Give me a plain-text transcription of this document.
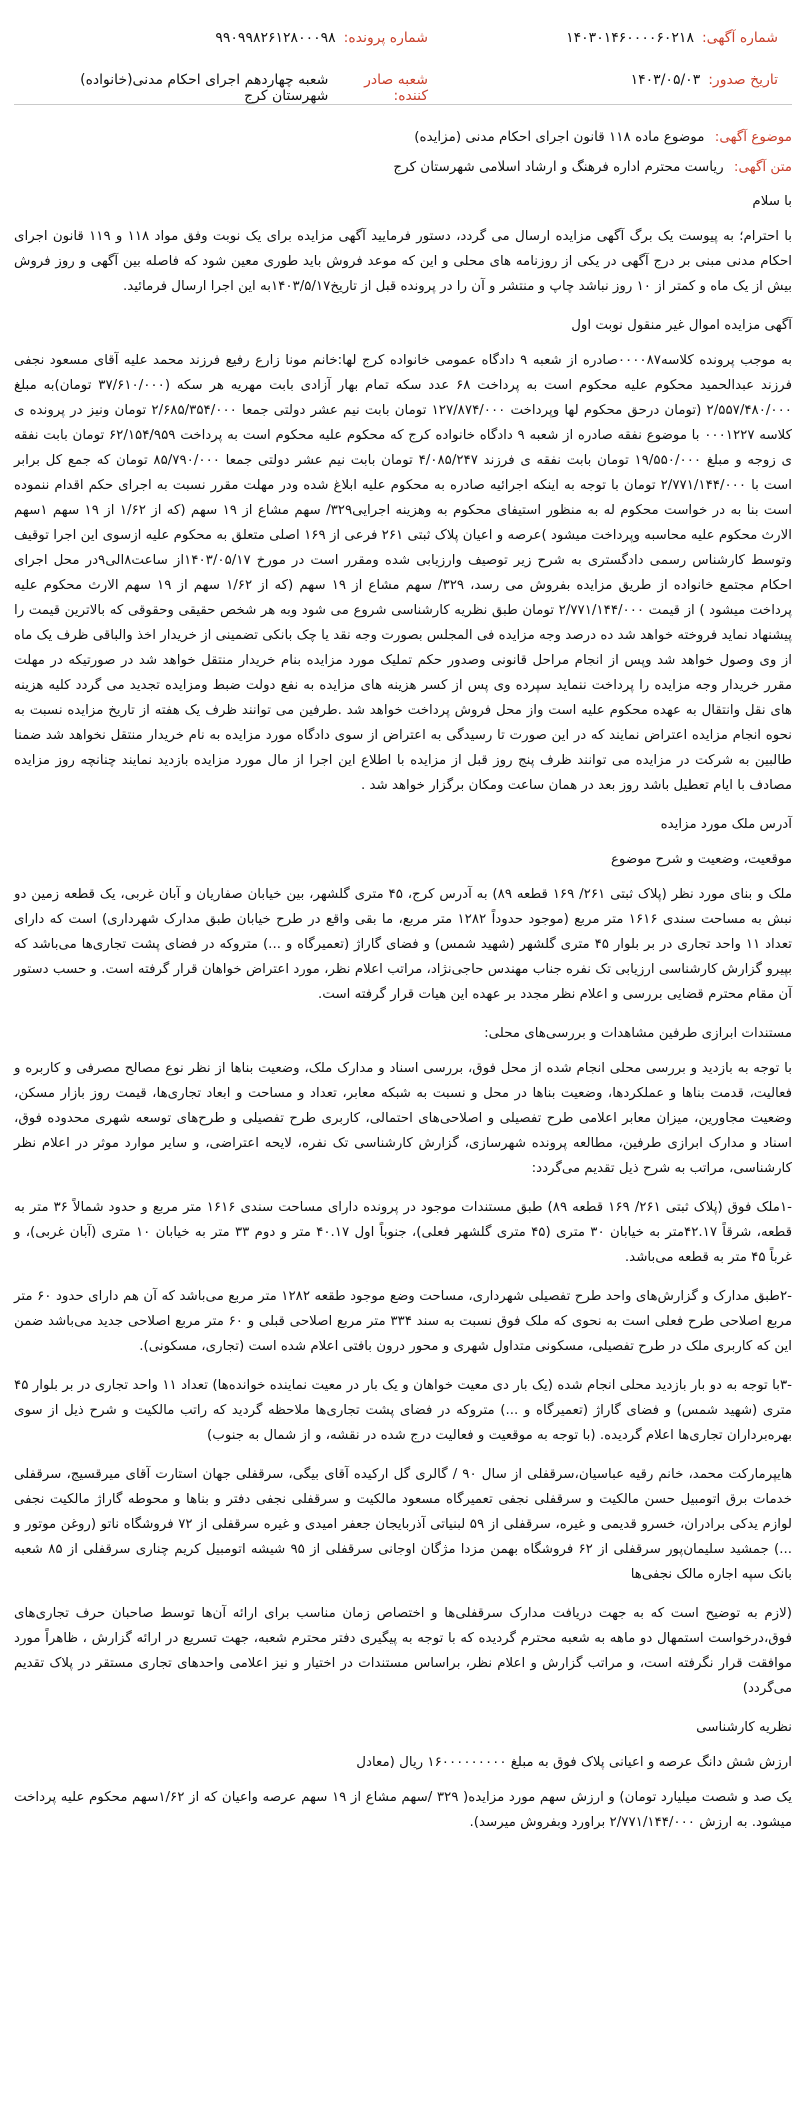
شماره آگهی:
۱۴۰۳۰۱۴۶۰۰۰۰۶۰۲۱۸
شماره پرونده:
۹۹۰۹۹۸۲۶۱۲۸۰۰۰۹۸
تاریخ صدور:
۱۴۰۳/۰۵/۰۳
شعبه صادر کننده:
شعبه چهاردهم اجرای احکام مدنی(خانواده) شهرستان کرج
موضوع آگهی: موضوع ماده ۱۱۸ قانون اجرای احکام مدنی (مزایده)
متن آگهی: ریاست محترم اداره فرهنگ و ارشاد اسلامی شهرستان کرج

با سلام

با احترام؛ به پیوست یک برگ آگهی مزایده ارسال می گردد، دستور فرمایید آگهی مزایده برای یک نوبت وفق مواد ۱۱۸ و ۱۱۹ قانون اجرای احکام مدنی مبنی بر درج آگهی در یکی از روزنامه های محلی و این که موعد فروش باید طوری معین شود که فاصله بین آگهی و روز فروش بیش از یک ماه و کمتر از ۱۰ روز نباشد چاپ و منتشر و آن را در پرونده قبل از تاریخ۱۴۰۳/۵/۱۷به این اجرا ارسال فرمائید.

آگهی مزایده اموال غیر منقول نوبت اول

به موجب پرونده کلاسه۰۰۰۰۸۷صادره از شعبه ۹ دادگاه عمومی خانواده کرج لها:خانم مونا زارع رفیع فرزند محمد علیه آقای مسعود نجفی فرزند عبدالحمید محکوم علیه محکوم است به پرداخت ۶۸ عدد سکه تمام بهار آزادی بابت مهریه هر سکه (۳۷/۶۱۰/۰۰۰ تومان)به مبلغ ۲/۵۵۷/۴۸۰/۰۰۰ (تومان درحق محکوم لها وپرداخت ۱۲۷/۸۷۴/۰۰۰ تومان بابت نیم عشر دولتی جمعا ۲/۶۸۵/۳۵۴/۰۰۰ تومان ونیز در پرونده ی کلاسه ۰۰۰۱۲۲۷ با موضوع نفقه صادره از شعبه ۹ دادگاه خانواده کرج که محکوم علیه محکوم است به پرداخت ۶۲/۱۵۴/۹۵۹ تومان بابت نفقه ی زوجه و مبلغ ۱۹/۵۵۰/۰۰۰ تومان بابت نفقه ی فرزند ۴/۰۸۵/۲۴۷ تومان بابت نیم عشر دولتی جمعا ۸۵/۷۹۰/۰۰۰ تومان که جمع کل برابر است با ۲/۷۷۱/۱۴۴/۰۰۰ تومان با توجه به اینکه اجرائیه صادره به محکوم علیه ابلاغ شده ودر مهلت مقرر نسبت به اجرای حکم اقدام ننموده است بنا به در خواست محکوم له به منظور استیفای محکوم به وهزینه اجرایی۳۲۹/ سهم مشاع از ۱۹ سهم (که از ۱/۶۲ از ۱۹ سهم ۱سهم الارث محکوم علیه محاسبه وپرداخت میشود )عرصه و اعیان پلاک ثبتی ۲۶۱ فرعی از ۱۶۹ اصلی متعلق به محکوم علیه ازسوی این اجرا توقیف وتوسط کارشناس رسمی دادگستری به شرح زیر توصیف وارزیابی شده ومقرر است در مورخ ۱۴۰۳/۰۵/۱۷از ساعت۸الی۹در محل اجرای احکام مجتمع خانواده از طریق مزایده بفروش می رسد، ۳۲۹/ سهم مشاع از ۱۹ سهم (که از ۱/۶۲ سهم از ۱۹ سهم الارث محکوم علیه پرداخت میشود ) از قیمت ۲/۷۷۱/۱۴۴/۰۰۰ تومان طبق نظریه کارشناسی شروع می شود وبه هر شخص حقیقی وحقوقی که بالاترین قیمت را پیشنهاد نماید فروخته خواهد شد ده درصد وجه مزایده فی المجلس بصورت وجه نقد یا چک بانکی تضمینی از خریدار اخذ والباقی ظرف یک ماه از وی وصول خواهد شد وپس از انجام مراحل قانونی وصدور حکم تملیک مورد مزایده بنام خریدار منتقل خواهد شد در صورتیکه در مهلت مقرر خریدار وجه مزایده را پرداخت ننماید سپرده وی پس از کسر هزینه های مزایده به نفع دولت ضبط ومزایده تجدید می گردد کلیه هزینه های نقل وانتقال به عهده محکوم علیه است واز محل فروش پرداخت خواهد شد .طرفین می توانند ظرف یک هفته از تاریخ مزایده نسبت به نحوه انجام مزایده اعتراض نمایند که در این صورت تا رسیدگی به اعتراض از سوی دادگاه مورد مزایده به نام خریدار منتقل نخواهد شد ضمنا طالبین به شرکت در مزایده می توانند ظرف پنج روز قبل از مزایده با اطلاع این اجرا از مال مورد مزایده بازدید نمایند چنانچه روز مزایده مصادف با ایام تعطیل باشد روز بعد در همان ساعت ومکان برگزار خواهد شد .

آدرس ملک مورد مزایده

موقعیت، وضعیت و شرح موضوع

ملک و بنای مورد نظر (پلاک ثبتی ۲۶۱/ ۱۶۹ قطعه ۸۹) به آدرس کرج، ۴۵ متری گلشهر، بین خیابان صفاریان و آبان غربی، یک قطعه زمین دو نبش به مساحت سندی ۱۶۱۶ متر مربع (موجود حدوداً ۱۲۸۲ متر مربع، ما بقی واقع در طرح خیابان طبق مدارک شهرداری) است که دارای تعداد ۱۱ واحد تجاری در بر بلوار ۴۵ متری گلشهر (شهید شمس) و فضای گاراژ (تعمیرگاه و ...) متروکه در فضای پشت تجاری‌ها می‌باشد که بپیرو گزارش کارشناسی ارزیابی تک نفره جناب مهندس حاجی‌نژاد، مراتب اعلام نظر، مورد اعتراض خواهان قرار گرفته است. و حسب دستور آن مقام محترم قضایی بررسی و اعلام نظر مجدد بر عهده این هیات قرار گرفته است.

مستندات ابرازی طرفین مشاهدات و بررسی‌های محلی:

با توجه به بازدید و بررسی محلی انجام شده از محل فوق، بررسی اسناد و مدارک ملک، وضعیت بناها از نظر نوع مصالح مصرفی و کاربره و فعالیت، قدمت بناها و عملکردها، وضعیت بناها در محل و نسبت به شبکه معابر، تعداد و مساحت و ابعاد تجاری‌ها، قیمت روز بازار مسکن، وضعیت مجاورین، میزان معابر اعلامی طرح تفصیلی و اصلاحی‌های احتمالی، کاربری طرح تفصیلی و طرح‌های توسعه شهری محدوده فوق، اسناد و مدارک ابرازی طرفین، مطالعه پرونده شهرسازی، گزارش کارشناسی تک نفره، لایحه اعتراضی، و سایر موارد موثر در اعلام نظر کارشناسی، مراتب به شرح ذیل تقدیم می‌گردد:

-۱ملک فوق (پلاک ثبتی ۲۶۱/ ۱۶۹ قطعه ۸۹) طبق مستندات موجود در پرونده دارای مساحت سندی ۱۶۱۶ متر مربع و حدود شمالاً ۳۶ متر به قطعه، شرقاً ۴۲.۱۷متر به خیابان ۳۰ متری (۴۵ متری گلشهر فعلی)، جنوباً اول ۴۰.۱۷ متر و دوم ۳۳ متر به خیابان ۱۰ متری (آبان غربی)، و غرباً ۴۵ متر به قطعه می‌باشد.

-۲طبق مدارک و گزارش‌های واحد طرح تفصیلی شهرداری، مساحت وضع موجود طقعه ۱۲۸۲ متر مربع می‌باشد که آن هم دارای حدود ۶۰ متر مربع اصلاحی طرح فعلی است به نحوی که ملک فوق نسبت به سند ۳۳۴ متر مربع اصلاحی قبلی و ۶۰ متر مربع اصلاحی جدید می‌باشد ضمن این که کاربری ملک در طرح تفصیلی، مسکونی متداول شهری و محور درون بافتی اعلام شده است (تجاری، مسکونی).

-۳با توجه به دو بار بازدید محلی انجام شده (یک بار دی معیت خواهان و یک بار در معیت نماینده خوانده‌ها) تعداد ۱۱ واحد تجاری در بر بلوار ۴۵ متری (شهید شمس) و فضای گاراژ (تعمیرگاه و ...) متروکه در فضای پشت تجاری‌ها ملاحظه گردید که راتب مالکیت و شرح ذیل از سوی بهره‌برداران تجاری‌ها اعلام گردیده. (با توجه به موقعیت و فعالیت درج شده در نقشه، و از شمال به جنوب)

هایپرمارکت محمد، خانم رقیه عباسیان،سرقفلی از سال ۹۰ / گالری گل ارکیده آقای بیگی، سرقفلی جهان استارت آقای میرقسیج، سرقفلی خدمات برق اتومبیل حسن مالکیت و سرقفلی نجفی تعمیرگاه مسعود مالکیت و سرقفلی نجفی دفتر و بناها و محوطه گاراژ مالکیت نجفی لوازم یدکی برادران، خسرو قدیمی و غیره، سرقفلی از ۵۹ لبنیاتی آذربایجان جعفر امیدی و غیره سرقفلی از ۷۲ فروشگاه ناتو (روغن موتور و ...) جمشید سلیمان‌پور سرقفلی از ۶۲ فروشگاه بهمن مزدا مژگان اوجانی سرقفلی از ۹۵ شیشه اتومبیل کریم چناری سرقفلی از ۸۵ شعبه بانک سپه اجاره مالک نجفی‌ها

(لازم به توضیح است که به جهت دریافت مدارک سرقفلی‌ها و اختصاص زمان مناسب برای ارائه آن‌ها توسط صاحبان حرف تجاری‌های فوق،درخواست استمهال دو ماهه به شعبه محترم گردیده که با توجه به پیگیری دفتر محترم شعبه، جهت تسریع در ارائه گزارش ، ظاهراً مورد موافقت قرار نگرفته است، و مراتب گزارش و اعلام نظر، براساس مستندات در اختیار و نیز اعلامی واحدهای تجاری مستقر در پلاک تقدیم می‌گردد)

نظریه کارشناسی

ارزش شش دانگ عرصه و اعیانی پلاک فوق به مبلغ ۱۶۰۰۰۰۰۰۰۰۰ ریال (معادل

یک صد و شصت میلیارد تومان) و ارزش سهم مورد مزایده( ۳۲۹ /سهم مشاع از ۱۹ سهم عرصه واعیان که از ۱/۶۲سهم محکوم علیه پرداخت میشود. به ارزش ۲/۷۷۱/۱۴۴/۰۰۰ براورد وبفروش میرسد).
